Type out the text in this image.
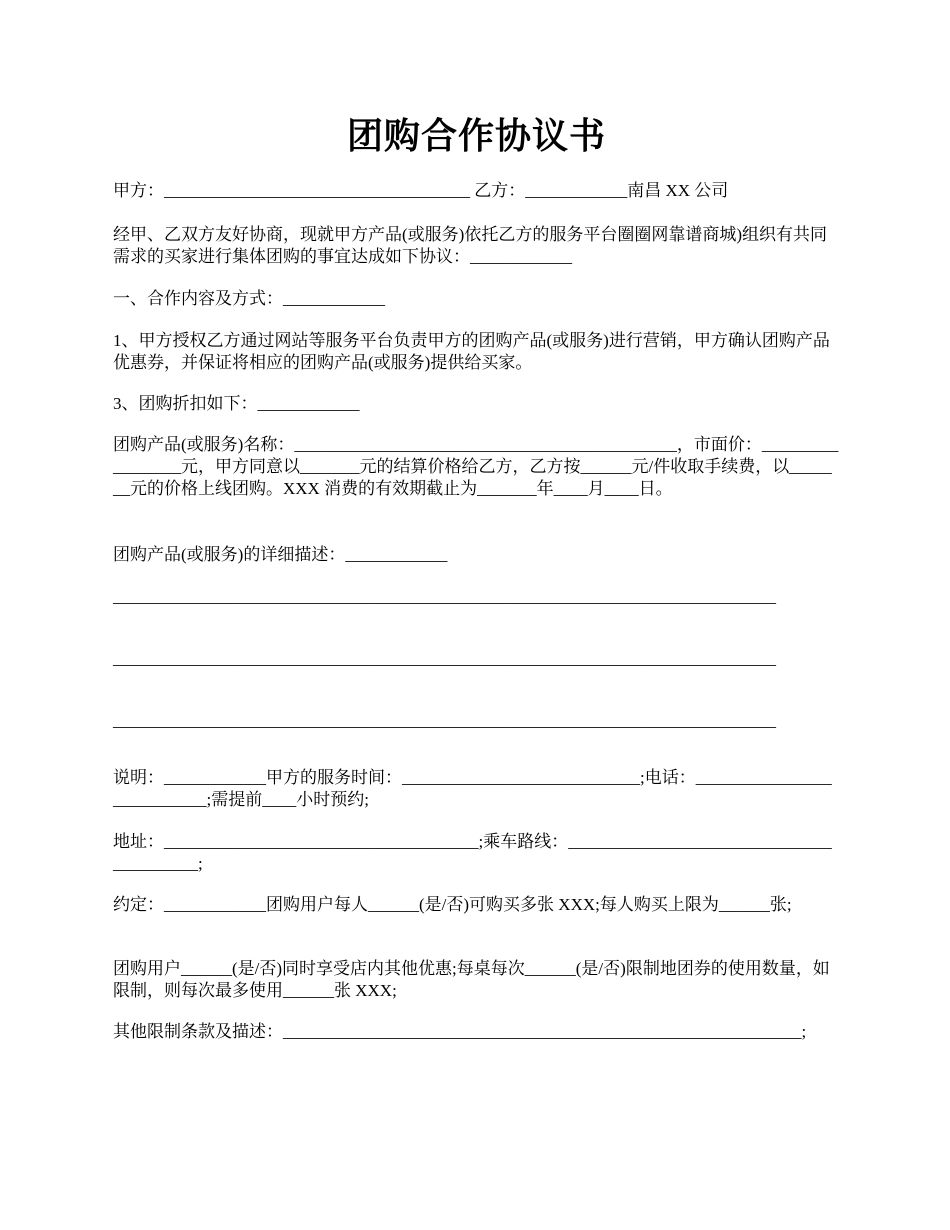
团购合作协议书
甲方：____________________________________ 乙方：____________南昌 XX 公司
经甲、乙双方友好协商，现就甲方产品(或服务)依托乙方的服务平台圈圈网靠谱商城)组织有共同需求的买家进行集体团购的事宜达成如下协议：____________
一、合作内容及方式：____________
1、甲方授权乙方通过网站等服务平台负责甲方的团购产品(或服务)进行营销，甲方确认团购产品优惠券，并保证将相应的团购产品(或服务)提供给买家。
3、团购折扣如下：____________
团购产品(或服务)名称：_____________________________________________，市面价：_________________元，甲方同意以_______元的结算价格给乙方，乙方按______元/件收取手续费，以_______元的价格上线团购。XXX 消费的有效期截止为_______年____月____日。
团购产品(或服务)的详细描述：____________
______________________________________________________________________________
______________________________________________________________________________
______________________________________________________________________________
说明：____________甲方的服务时间：____________________________;电话：___________________________;需提前____小时预约;
地址：_____________________________________;乘车路线：_________________________________________;
约定：____________团购用户每人______(是/否)可购买多张 XXX;每人购买上限为______张;
团购用户______(是/否)同时享受店内其他优惠;每桌每次______(是/否)限制地团券的使用数量，如限制，则每次最多使用______张 XXX;
其他限制条款及描述：_____________________________________________________________;
